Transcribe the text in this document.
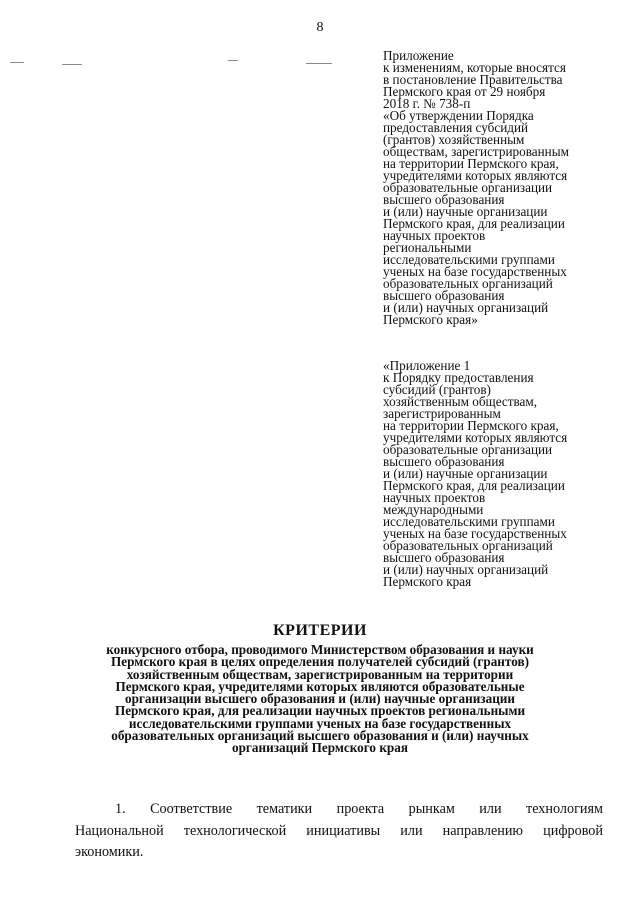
8
Приложение
к изменениям, которые вносятся
в постановление Правительства
Пермского края от 29 ноября
2018 г. № 738-п
«Об утверждении Порядка
предоставления субсидий
(грантов) хозяйственным
обществам, зарегистрированным
на территории Пермского края,
учредителями которых являются
образовательные организации
высшего образования
и (или) научные организации
Пермского края, для реализации
научных проектов
региональными
исследовательскими группами
ученых на базе государственных
образовательных организаций
высшего образования
и (или) научных организаций
Пермского края»
«Приложение 1
к Порядку предоставления
субсидий (грантов)
хозяйственным обществам,
зарегистрированным
на территории Пермского края,
учредителями которых являются
образовательные организации
высшего образования
и (или) научные организации
Пермского края, для реализации
научных проектов
международными
исследовательскими группами
ученых на базе государственных
образовательных организаций
высшего образования
и (или) научных организаций
Пермского края
КРИТЕРИИ
конкурсного отбора, проводимого Министерством образования и науки
Пермского края в целях определения получателей субсидий (грантов)
хозяйственным обществам, зарегистрированным на территории
Пермского края, учредителями которых являются образовательные
организации высшего образования и (или) научные организации
Пермского края, для реализации научных проектов региональными
исследовательскими группами ученых на базе государственных
образовательных организаций высшего образования и (или) научных
организаций Пермского края
1. Соответствие тематики проекта рынкам или технологиям
Национальной технологической инициативы или направлению цифровой
экономики.
